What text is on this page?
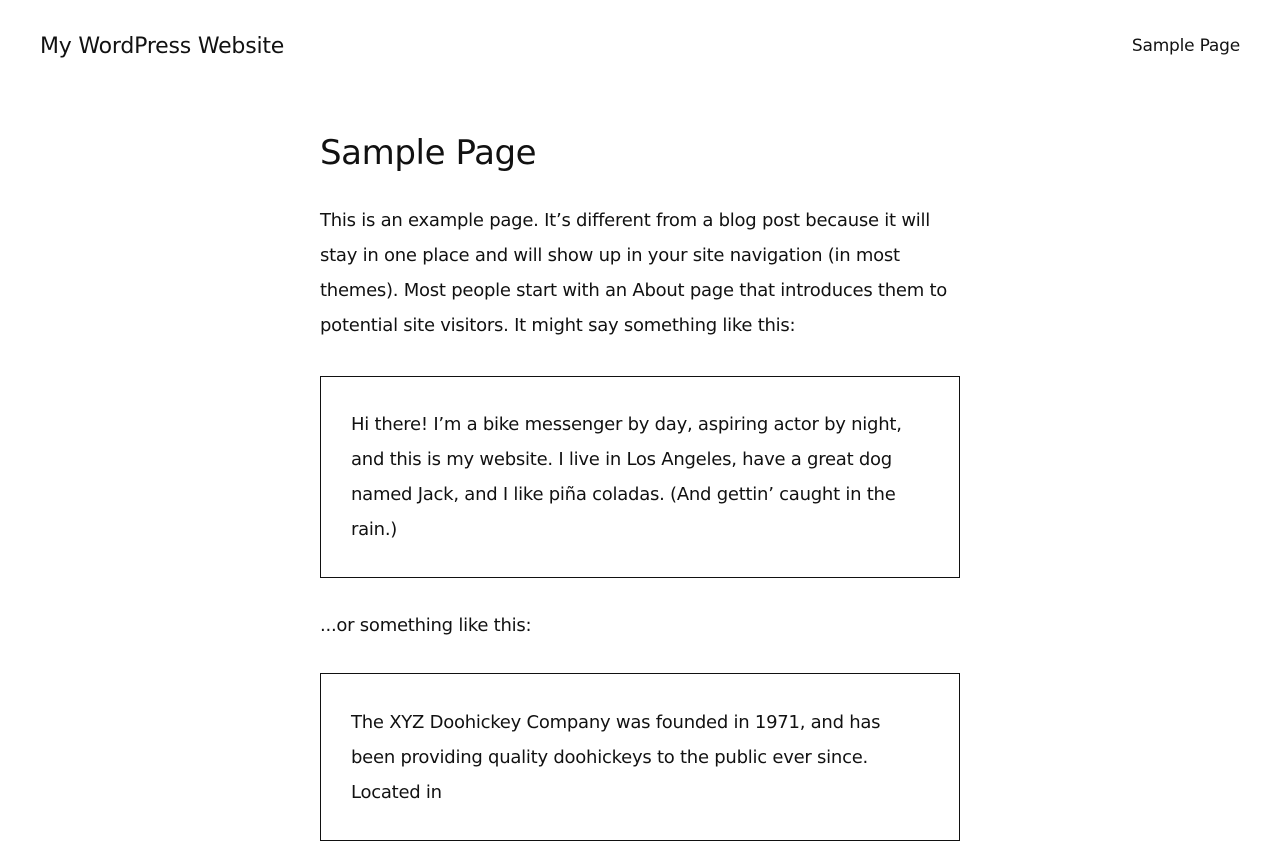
My WordPress Website	Sample Page
Sample Page

This is an example page. It’s different from a blog post because it will stay in one place and will show up in your site navigation (in most themes). Most people start with an About page that introduces them to potential site visitors. It might say something like this:

Hi there! I’m a bike messenger by day, aspiring actor by night, and this is my website. I live in Los Angeles, have a great dog named Jack, and I like piña coladas. (And gettin’ caught in the rain.)

...or something like this:

The XYZ Doohickey Company was founded in 1971, and has been providing quality doohickeys to the public ever since. Located in
